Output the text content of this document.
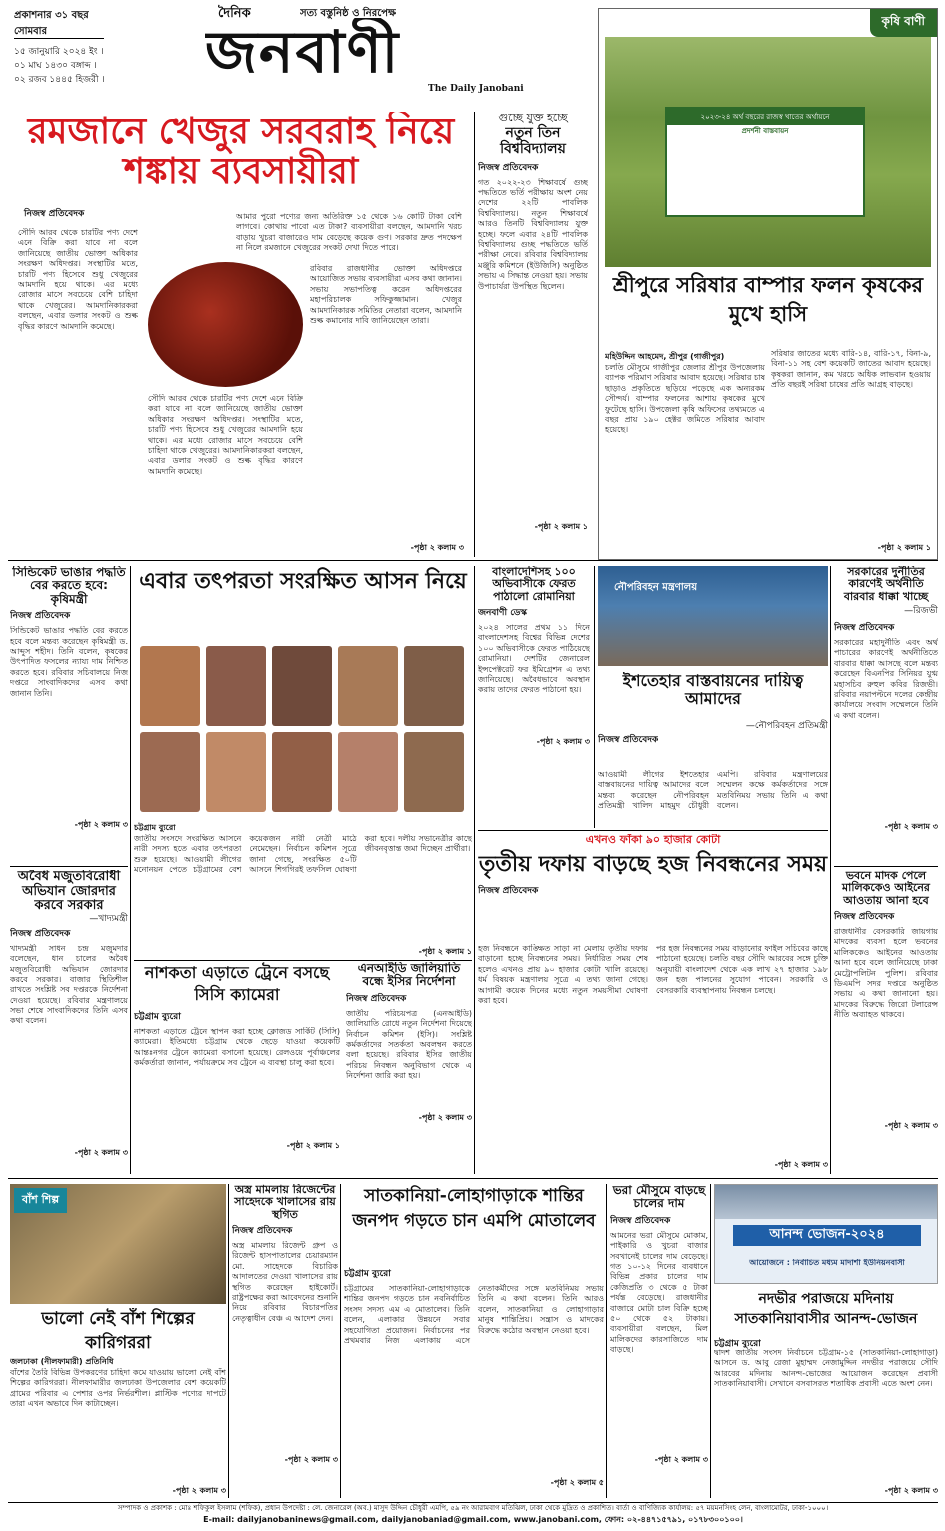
প্রকাশনার ৩১ বছর
সোমবার
১৫ জানুয়ারি ২০২৪ ইং ।
০১ মাঘ ১৪৩০ বঙ্গাব্দ ।
০২ রজব ১৪৪৫ হিজরী ।
দৈনিক	সত্য বস্তুনিষ্ঠ ও নিরপেক্ষ
জনবাণী
The Daily Janobani
রমজানে খেজুর সরবরাহ নিয়ে শঙ্কায় ব্যবসায়ীরা
নিজস্ব প্রতিবেদক
সৌদি আরব থেকে চারটির পণ্য দেশে এনে বিক্রি করা যাবে না বলে জানিয়েছে জাতীয় ভোক্তা অধিকার সংরক্ষণ অধিদপ্তর। সংস্থাটির মতে, চারটি পণ্য হিসেবে শুধু খেজুরের আমদানি হয়ে থাকে। এর মধ্যে রোজার মাসে সবচেয়ে বেশি চাহিদা থাকে খেজুরের। আমদানিকারকরা বলছেন, এবার ডলার সংকট ও শুল্ক বৃদ্ধির কারণে আমদানি কমেছে।
আমার পুরো পণ্যের জন্য অতিরিক্ত ১৫ থেকে ১৬ কোটি টাকা বেশি লাগবে। কোথায় পাবো এত টাকা? ব্যবসায়ীরা বলছেন, আমদানি খরচ বাড়ায় খুচরা বাজারেও দাম বেড়েছে কয়েক গুণ। সরকার দ্রুত পদক্ষেপ না নিলে রমজানে খেজুরের সংকট দেখা দিতে পারে।
রবিবার রাজধানীর ভোক্তা অধিদপ্তরে আয়োজিত সভায় ব্যবসায়ীরা এসব কথা জানান। সভায় সভাপতিত্ব করেন অধিদপ্তরের মহাপরিচালক সফিকুজ্জামান। খেজুর আমদানিকারক সমিতির নেতারা বলেন, আমদানি শুল্ক কমানোর দাবি জানিয়েছেন তারা।
সৌদি আরব থেকে চারটির পণ্য দেশে এনে বিক্রি করা যাবে না বলে জানিয়েছে জাতীয় ভোক্তা অধিকার সংরক্ষণ অধিদপ্তর। সংস্থাটির মতে, চারটি পণ্য হিসেবে শুধু খেজুরের আমদানি হয়ে থাকে। এর মধ্যে রোজার মাসে সবচেয়ে বেশি চাহিদা থাকে খেজুরের। আমদানিকারকরা বলছেন, এবার ডলার সংকট ও শুল্ক বৃদ্ধির কারণে আমদানি কমেছে।
-পৃষ্ঠা ২ কলাম ৩
গুচ্ছে যুক্ত হচ্ছে
নতুন তিন বিশ্ববিদ্যালয়
নিজস্ব প্রতিবেদক
গত ২০২২-২৩ শিক্ষাবর্ষে গুচ্ছ পদ্ধতিতে ভর্তি পরীক্ষায় অংশ নেয় দেশের ২২টি পাবলিক বিশ্ববিদ্যালয়। নতুন শিক্ষাবর্ষে আরও তিনটি বিশ্ববিদ্যালয় যুক্ত হচ্ছে। ফলে এবার ২৪টি পাবলিক বিশ্ববিদ্যালয় গুচ্ছ পদ্ধতিতে ভর্তি পরীক্ষা নেবে। রবিবার বিশ্ববিদ্যালয় মঞ্জুরি কমিশনে (ইউজিসি) অনুষ্ঠিত সভায় এ সিদ্ধান্ত নেওয়া হয়। সভায় উপাচার্যরা উপস্থিত ছিলেন।
-পৃষ্ঠা ২ কলাম ১
কৃষি বাণী
২০২৩-২৪ অর্থ বছরের রাজস্ব খাতের অর্থায়নে
প্রদর্শনী বাস্তবায়ন
শ্রীপুরে সরিষার বাম্পার ফলন কৃষকের মুখে হাসি
মহিউদ্দিন আহমেদ, শ্রীপুর (গাজীপুর)
চলতি মৌসুমে গাজীপুর জেলার শ্রীপুর উপজেলায় ব্যাপক পরিমাণ সরিষার আবাদ হয়েছে। সরিষার চাষ ছাড়াও প্রকৃতিতে ছড়িয়ে পড়েছে এক অন্যরকম সৌন্দর্য। বাম্পার ফলনের আশায় কৃষকের মুখে ফুটেছে হাসি। উপজেলা কৃষি অফিসের তথ্যমতে এ বছর প্রায় ১৯০ হেক্টর জমিতে সরিষার আবাদ হয়েছে।
সরিষার জাতের মধ্যে বারি-১৪, বারি-১৭, বিনা-৯, বিনা-১১ সহ বেশ কয়েকটি জাতের আবাদ হয়েছে। কৃষকরা জানান, কম খরচে অধিক লাভবান হওয়ায় প্রতি বছরই সরিষা চাষের প্রতি আগ্রহ বাড়ছে।
-পৃষ্ঠা ২ কলাম ১
সিন্ডিকেট ভাঙার পদ্ধতি বের করতে হবে: কৃষিমন্ত্রী
নিজস্ব প্রতিবেদক
সিন্ডিকেট ভাঙার পদ্ধতি বের করতে হবে বলে মন্তব্য করেছেন কৃষিমন্ত্রী ড. আব্দুস শহীদ। তিনি বলেন, কৃষকের উৎপাদিত ফসলের ন্যায্য দাম নিশ্চিত করতে হবে। রবিবার সচিবালয়ে নিজ দপ্তরে সাংবাদিকদের এসব কথা জানান তিনি।
-পৃষ্ঠা ২ কলাম ৩
অবৈধ মজুতবিরোধী অভিযান জোরদার করবে সরকার
—খাদ্যমন্ত্রী
নিজস্ব প্রতিবেদক
খাদ্যমন্ত্রী সাধন চন্দ্র মজুমদার বলেছেন, ধান চালের অবৈধ মজুতবিরোধী অভিযান জোরদার করবে সরকার। বাজার স্থিতিশীল রাখতে সংশ্লিষ্ট সব দপ্তরকে নির্দেশনা দেওয়া হয়েছে। রবিবার মন্ত্রণালয়ে সভা শেষে সাংবাদিকদের তিনি এসব কথা বলেন।
-পৃষ্ঠা ২ কলাম ৩
এবার তৎপরতা সংরক্ষিত আসন নিয়ে
চট্টগ্রাম ব্যুরো
জাতীয় সংসদে সংরক্ষিত আসনে নারী সদস্য হতে এবার তৎপরতা শুরু হয়েছে। আওয়ামী লীগের মনোনয়ন পেতে চট্টগ্রামের বেশ কয়েকজন নারী নেত্রী মাঠে নেমেছেন। নির্বাচন কমিশন সূত্রে জানা গেছে, সংরক্ষিত ৫০টি আসনে শিগগিরই তফসিল ঘোষণা করা হবে। দলীয় সভানেত্রীর কাছে জীবনবৃত্তান্ত জমা দিচ্ছেন প্রার্থীরা।
-পৃষ্ঠা ২ কলাম ১
বাংলাদেশিসহ ১০০ অভিবাসীকে ফেরত পাঠালো রোমানিয়া
জনবাণী ডেস্ক
২০২৪ সালের প্রথম ১১ দিনে বাংলাদেশসহ বিশ্বের বিভিন্ন দেশের ১০০ অভিবাসীকে ফেরত পাঠিয়েছে রোমানিয়া। দেশটির জেনারেল ইন্সপেক্টরেট ফর ইমিগ্রেশন এ তথ্য জানিয়েছে। অবৈধভাবে অবস্থান করায় তাদের ফেরত পাঠানো হয়।
-পৃষ্ঠা ২ কলাম ৩
নৌপরিবহন মন্ত্রণালয়
ইশতেহার বাস্তবায়নের দায়িত্ব আমাদের
—নৌপরিবহন প্রতিমন্ত্রী
নিজস্ব প্রতিবেদক
আওয়ামী লীগের ইশতেহার বাস্তবায়নের দায়িত্ব আমাদের বলে মন্তব্য করেছেন নৌপরিবহন প্রতিমন্ত্রী খালিদ মাহমুদ চৌধুরী এমপি। রবিবার মন্ত্রণালয়ের সম্মেলন কক্ষে কর্মকর্তাদের সঙ্গে মতবিনিময় সভায় তিনি এ কথা বলেন।
সরকারের দুর্নীতির কারণেই অর্থনীতি বারবার ধাক্কা খাচ্ছে
—রিজভী
নিজস্ব প্রতিবেদক
সরকারের মহাদুর্নীতি এবং অর্থ পাচারের কারণেই অর্থনীতিতে বারবার ধাক্কা আসছে বলে মন্তব্য করেছেন বিএনপির সিনিয়র যুগ্ম মহাসচিব রুহুল কবির রিজভী। রবিবার নয়াপল্টনে দলের কেন্দ্রীয় কার্যালয়ে সংবাদ সম্মেলনে তিনি এ কথা বলেন।
-পৃষ্ঠা ২ কলাম ৩
ভবনে মাদক পেলে মালিককেও আইনের আওতায় আনা হবে
নিজস্ব প্রতিবেদক
রাজধানীর বেসরকারি জায়গায় মাদকের ব্যবসা হলে ভবনের মালিককেও আইনের আওতায় আনা হবে বলে জানিয়েছে ঢাকা মেট্রোপলিটন পুলিশ। রবিবার ডিএমপি সদর দপ্তরে অনুষ্ঠিত সভায় এ কথা জানানো হয়। মাদকের বিরুদ্ধে জিরো টলারেন্স নীতি অব্যাহত থাকবে।
-পৃষ্ঠা ২ কলাম ৩
এখনও ফাঁকা ৯০ হাজার কোটা
তৃতীয় দফায় বাড়ছে হজ নিবন্ধনের সময়
নিজস্ব প্রতিবেদক
হজ নিবন্ধনে কাঙ্ক্ষিত সাড়া না মেলায় তৃতীয় দফায় বাড়ানো হচ্ছে নিবন্ধনের সময়। নির্ধারিত সময় শেষ হলেও এখনও প্রায় ৯০ হাজার কোটা খালি রয়েছে। ধর্ম বিষয়ক মন্ত্রণালয় সূত্রে এ তথ্য জানা গেছে। আগামী কয়েক দিনের মধ্যে নতুন সময়সীমা ঘোষণা করা হবে।
পর হজ নিবন্ধনের সময় বাড়ানোর ফাইল সচিবের কাছে পাঠানো হয়েছে। চলতি বছর সৌদি আরবের সঙ্গে চুক্তি অনুযায়ী বাংলাদেশ থেকে এক লাখ ২৭ হাজার ১৯৮ জন হজ পালনের সুযোগ পাবেন। সরকারি ও বেসরকারি ব্যবস্থাপনায় নিবন্ধন চলছে।
-পৃষ্ঠা ২ কলাম ৩
নাশকতা এড়াতে ট্রেনে বসছে সিসি ক্যামেরা
চট্টগ্রাম ব্যুরো
নাশকতা এড়াতে ট্রেনে স্থাপন করা হচ্ছে ক্লোজড সার্কিট (সিসি) ক্যামেরা। ইতিমধ্যে চট্টগ্রাম থেকে ছেড়ে যাওয়া কয়েকটি আন্তঃনগর ট্রেনে ক্যামেরা বসানো হয়েছে। রেলওয়ে পূর্বাঞ্চলের কর্মকর্তারা জানান, পর্যায়ক্রমে সব ট্রেনে এ ব্যবস্থা চালু করা হবে।
-পৃষ্ঠা ২ কলাম ১
এনআইডি জালিয়াতি বন্ধে ইসির নির্দেশনা
নিজস্ব প্রতিবেদক
জাতীয় পরিচয়পত্র (এনআইডি) জালিয়াতি রোধে নতুন নির্দেশনা দিয়েছে নির্বাচন কমিশন (ইসি)। সংশ্লিষ্ট কর্মকর্তাদের সতর্কতা অবলম্বন করতে বলা হয়েছে। রবিবার ইসির জাতীয় পরিচয় নিবন্ধন অনুবিভাগ থেকে এ নির্দেশনা জারি করা হয়।
-পৃষ্ঠা ২ কলাম ৩
বাঁশ শিল্প
ভালো নেই বাঁশ শিল্পের কারিগররা
জলঢাকা (নীলফামারী) প্রতিনিধি
বাঁশের তৈরি বিভিন্ন উপকরণের চাহিদা কমে যাওয়ায় ভালো নেই বাঁশ শিল্পের কারিগররা। নীলফামারীর জলঢাকা উপজেলার বেশ কয়েকটি গ্রামের পরিবার এ পেশার ওপর নির্ভরশীল। প্লাস্টিক পণ্যের দাপটে তারা এখন অভাবে দিন কাটাচ্ছেন।
-পৃষ্ঠা ২ কলাম ৩
অস্ত্র মামলায় রিজেন্টের সাহেদকে খালাসের রায় স্থগিত
নিজস্ব প্রতিবেদক
অস্ত্র মামলায় রিজেন্ট গ্রুপ ও রিজেন্ট হাসপাতালের চেয়ারম্যান মো. সাহেদকে বিচারিক আদালতের দেওয়া খালাসের রায় স্থগিত করেছেন হাইকোর্ট। রাষ্ট্রপক্ষের করা আবেদনের শুনানি নিয়ে রবিবার বিচারপতির নেতৃত্বাধীন বেঞ্চ এ আদেশ দেন।
-পৃষ্ঠা ২ কলাম ৩
সাতকানিয়া-লোহাগাড়াকে শান্তির জনপদ গড়তে চান এমপি মোতালেব
চট্টগ্রাম ব্যুরো
চট্টগ্রামের সাতকানিয়া-লোহাগাড়াকে শান্তির জনপদ গড়তে চান নবনির্বাচিত সংসদ সদস্য এম এ মোতালেব। তিনি বলেন, এলাকার উন্নয়নে সবার সহযোগিতা প্রয়োজন। নির্বাচনের পর প্রথমবার নিজ এলাকায় এসে নেতাকর্মীদের সঙ্গে মতবিনিময় সভায় তিনি এ কথা বলেন। তিনি আরও বলেন, সাতকানিয়া ও লোহাগাড়ার মানুষ শান্তিপ্রিয়। সন্ত্রাস ও মাদকের বিরুদ্ধে কঠোর অবস্থান নেওয়া হবে।
-পৃষ্ঠা ২ কলাম ৫
ভরা মৌসুমে বাড়ছে চালের দাম
নিজস্ব প্রতিবেদক
আমনের ভরা মৌসুমে মোকাম, পাইকারি ও খুচরা বাজার সবখানেই চালের দাম বেড়েছে। গত ১০-১২ দিনের ব্যবধানে বিভিন্ন প্রকার চালের দাম কেজিপ্রতি ৩ থেকে ৫ টাকা পর্যন্ত বেড়েছে। রাজধানীর বাজারে মোটা চাল বিক্রি হচ্ছে ৫০ থেকে ৫২ টাকায়। ব্যবসায়ীরা বলছেন, মিল মালিকদের কারসাজিতে দাম বাড়ছে।
-পৃষ্ঠা ২ কলাম ৩
আনন্দ ভোজন-২০২৪
আয়োজনে : নির্বাচিত মধ্যম মাদার্শা ইউনিয়নবাসী
নদভীর পরাজয়ে মদিনায় সাতকানিয়াবাসীর আনন্দ-ভোজন
চট্টগ্রাম ব্যুরো
দ্বাদশ জাতীয় সংসদ নির্বাচনে চট্টগ্রাম-১৫ (সাতকানিয়া-লোহাগাড়া) আসনে ড. আবু রেজা মুহাম্মদ নেজামুদ্দিন নদভীর পরাজয়ে সৌদি আরবের মদিনায় আনন্দ-ভোজের আয়োজন করেছেন প্রবাসী সাতকানিয়াবাসী। সেখানে বসবাসরত শতাধিক প্রবাসী এতে অংশ নেন।
-পৃষ্ঠা ২ কলাম ৩
সম্পাদক ও প্রকাশক : মোঃ শফিকুল ইসলাম (শফিক), প্রধান উপদেষ্টা : লে. জেনারেল (অব.) মাসুদ উদ্দিন চৌধুরী এমপি, ৫৯ নং আরামবাগ মতিঝিল, ঢাকা থেকে মুদ্রিত ও প্রকাশিত। বার্তা ও বাণিজ্যিক কার্যালয়: ৫৭ ময়মনসিংহ লেন, বাংলামোটর, ঢাকা-১০০০।
E-mail: dailyjanobaninews@gmail.com, dailyjanobaniad@gmail.com, www.janobani.com, ফোন: ০২-৪৪৭১৫৭৯১, ০১৭৮৩০০১০০।
